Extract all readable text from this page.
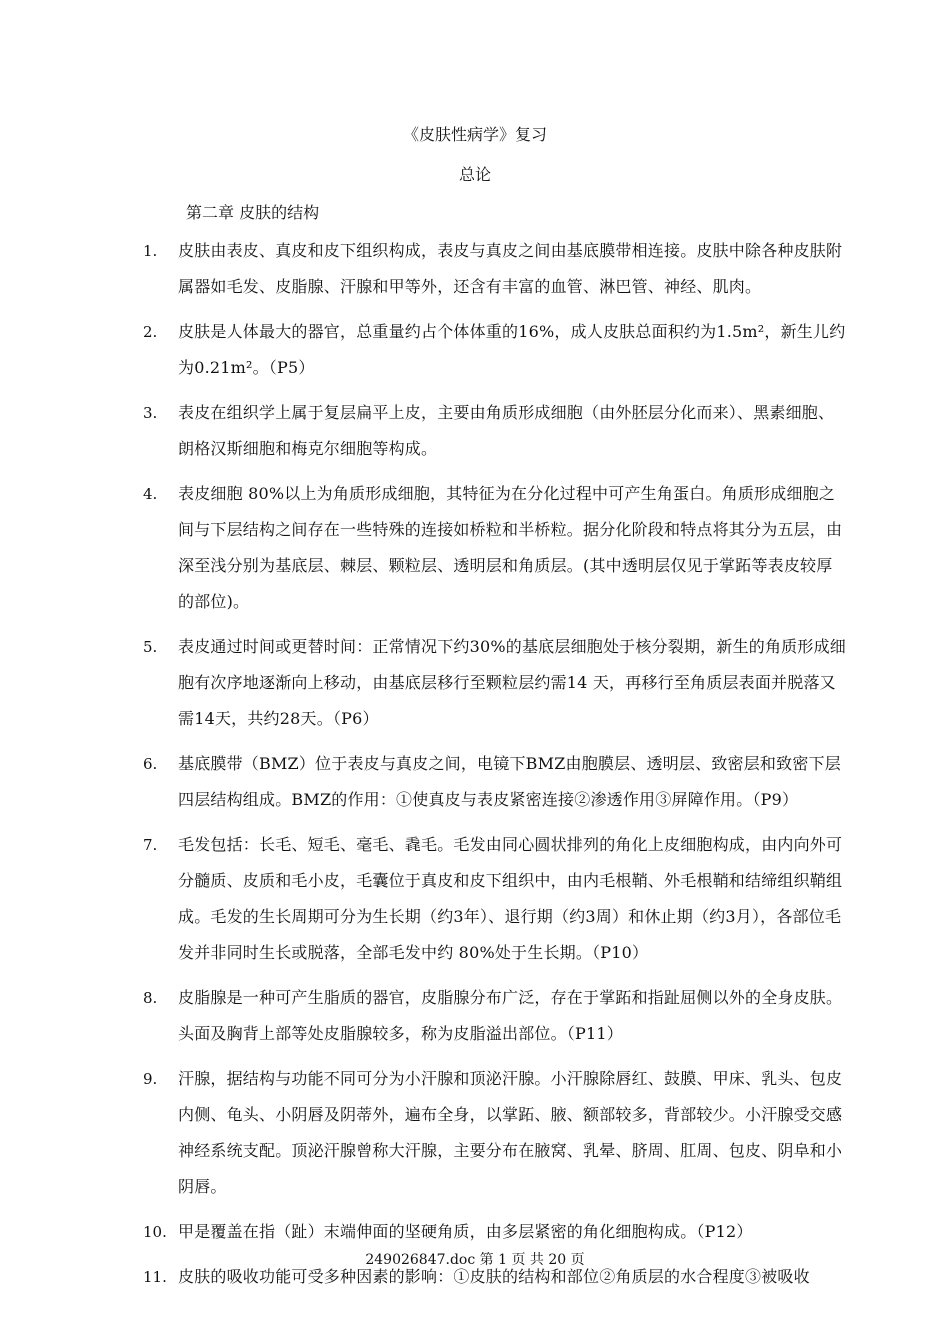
《皮肤性病学》复习
总论
第二章 皮肤的结构
1. 皮肤由表皮、真皮和皮下组织构成，表皮与真皮之间由基底膜带相连接。皮肤中除各种皮肤附属器如毛发、皮脂腺、汗腺和甲等外，还含有丰富的血管、淋巴管、神经、肌肉。
2. 皮肤是人体最大的器官，总重量约占个体体重的16%，成人皮肤总面积约为1.5m²，新生儿约为0.21m²。（P5）
3. 表皮在组织学上属于复层扁平上皮，主要由角质形成细胞（由外胚层分化而来）、黑素细胞、朗格汉斯细胞和梅克尔细胞等构成。
4. 表皮细胞 80%以上为角质形成细胞，其特征为在分化过程中可产生角蛋白。角质形成细胞之间与下层结构之间存在一些特殊的连接如桥粒和半桥粒。据分化阶段和特点将其分为五层，由深至浅分别为基底层、棘层、颗粒层、透明层和角质层。(其中透明层仅见于掌跖等表皮较厚的部位)。
5. 表皮通过时间或更替时间：正常情况下约30%的基底层细胞处于核分裂期，新生的角质形成细胞有次序地逐渐向上移动，由基底层移行至颗粒层约需14 天，再移行至角质层表面并脱落又需14天，共约28天。（P6）
6. 基底膜带（BMZ）位于表皮与真皮之间，电镜下BMZ由胞膜层、透明层、致密层和致密下层四层结构组成。BMZ的作用：①使真皮与表皮紧密连接②渗透作用③屏障作用。（P9）
7. 毛发包括：长毛、短毛、毫毛、毳毛。毛发由同心圆状排列的角化上皮细胞构成，由内向外可分髓质、皮质和毛小皮，毛囊位于真皮和皮下组织中，由内毛根鞘、外毛根鞘和结缔组织鞘组成。毛发的生长周期可分为生长期（约3年）、退行期（约3周）和休止期（约3月），各部位毛发并非同时生长或脱落，全部毛发中约 80%处于生长期。（P10）
8. 皮脂腺是一种可产生脂质的器官，皮脂腺分布广泛，存在于掌跖和指趾屈侧以外的全身皮肤。头面及胸背上部等处皮脂腺较多，称为皮脂溢出部位。（P11）
9. 汗腺，据结构与功能不同可分为小汗腺和顶泌汗腺。小汗腺除唇红、鼓膜、甲床、乳头、包皮内侧、龟头、小阴唇及阴蒂外，遍布全身，以掌跖、腋、额部较多，背部较少。小汗腺受交感神经系统支配。顶泌汗腺曾称大汗腺，主要分布在腋窝、乳晕、脐周、肛周、包皮、阴阜和小阴唇。
10. 甲是覆盖在指（趾）末端伸面的坚硬角质，由多层紧密的角化细胞构成。（P12）
11. 皮肤的吸收功能可受多种因素的影响：①皮肤的结构和部位②角质层的水合程度③被吸收
249026847.doc 第 1 页 共 20 页
